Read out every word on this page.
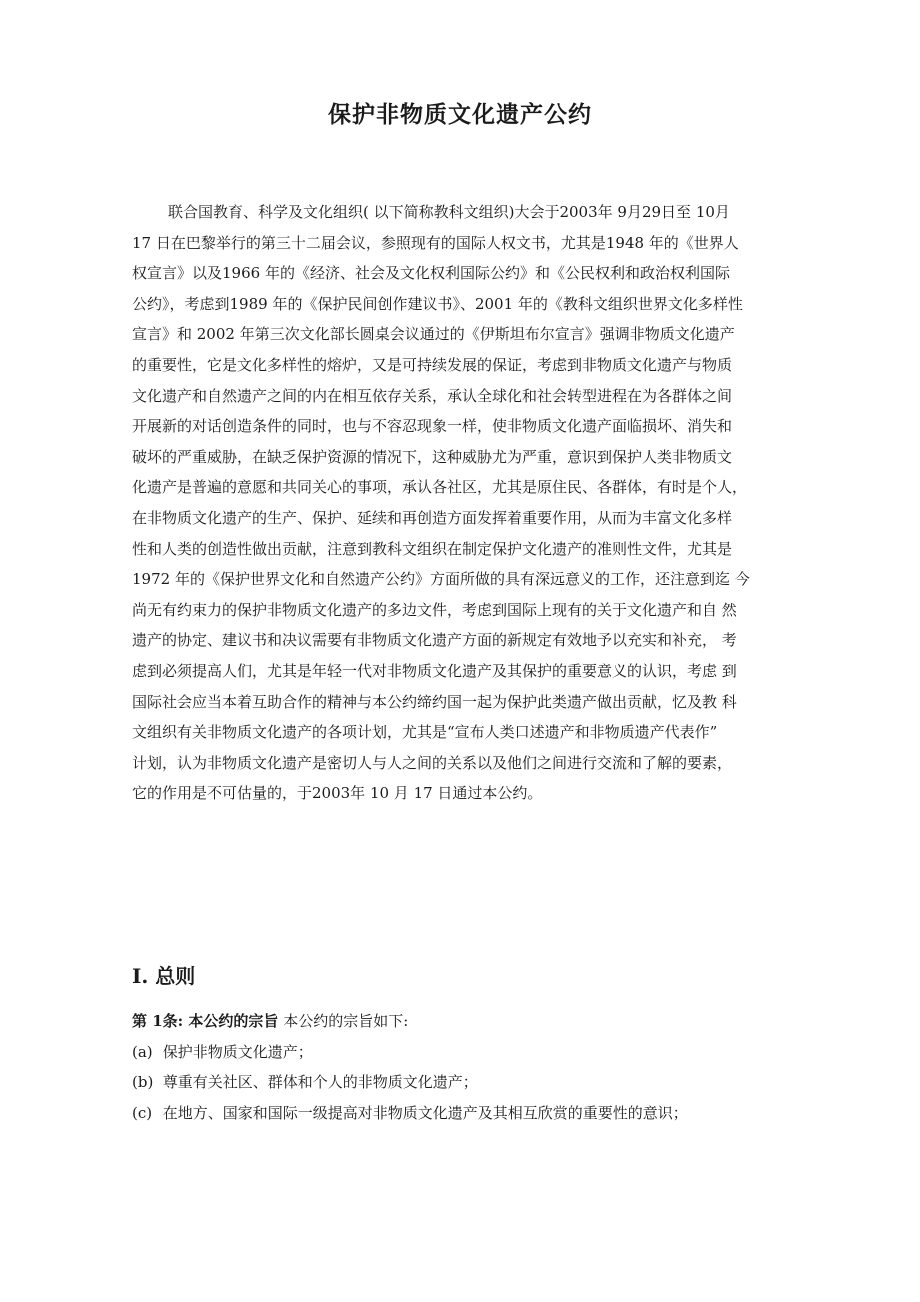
保护非物质文化遗产公约
联合国教育、科学及文化组织( 以下简称教科文组织)大会于2003年 9月29日至 10月
17 日在巴黎举行的第三十二届会议，参照现有的国际人权文书，尤其是1948 年的《世界人
权宣言》以及1966 年的《经济、社会及文化权利国际公约》和《公民权利和政治权利国际
公约》，考虑到1989 年的《保护民间创作建议书》、2001 年的《教科文组织世界文化多样性
宣言》和 2002 年第三次文化部长圆桌会议通过的《伊斯坦布尔宣言》强调非物质文化遗产
的重要性，它是文化多样性的熔炉，又是可持续发展的保证，考虑到非物质文化遗产与物质
文化遗产和自然遗产之间的内在相互依存关系，承认全球化和社会转型进程在为各群体之间
开展新的对话创造条件的同时，也与不容忍现象一样，使非物质文化遗产面临损坏、消失和
破坏的严重威胁，在缺乏保护资源的情况下，这种威胁尤为严重，意识到保护人类非物质文
化遗产是普遍的意愿和共同关心的事项，承认各社区，尤其是原住民、各群体，有时是个人，
在非物质文化遗产的生产、保护、延续和再创造方面发挥着重要作用，从而为丰富文化多样
性和人类的创造性做出贡献，注意到教科文组织在制定保护文化遗产的准则性文件，尤其是
1972 年的《保护世界文化和自然遗产公约》方面所做的具有深远意义的工作，还注意到迄 今
尚无有约束力的保护非物质文化遗产的多边文件，考虑到国际上现有的关于文化遗产和自 然
遗产的协定、建议书和决议需要有非物质文化遗产方面的新规定有效地予以充实和补充， 考
虑到必须提高人们，尤其是年轻一代对非物质文化遗产及其保护的重要意义的认识，考虑 到
国际社会应当本着互助合作的精神与本公约缔约国一起为保护此类遗产做出贡献，忆及教 科
文组织有关非物质文化遗产的各项计划，尤其是“宣布人类口述遗产和非物质遗产代表作”
计划，认为非物质文化遗产是密切人与人之间的关系以及他们之间进行交流和了解的要素，
它的作用是不可估量的，于2003年 10 月 17 日通过本公约。
I. 总则
第 1条: 本公约的宗旨 本公约的宗旨如下:
(a) 保护非物质文化遗产；
(b) 尊重有关社区、群体和个人的非物质文化遗产；
(c) 在地方、国家和国际一级提高对非物质文化遗产及其相互欣赏的重要性的意识；
